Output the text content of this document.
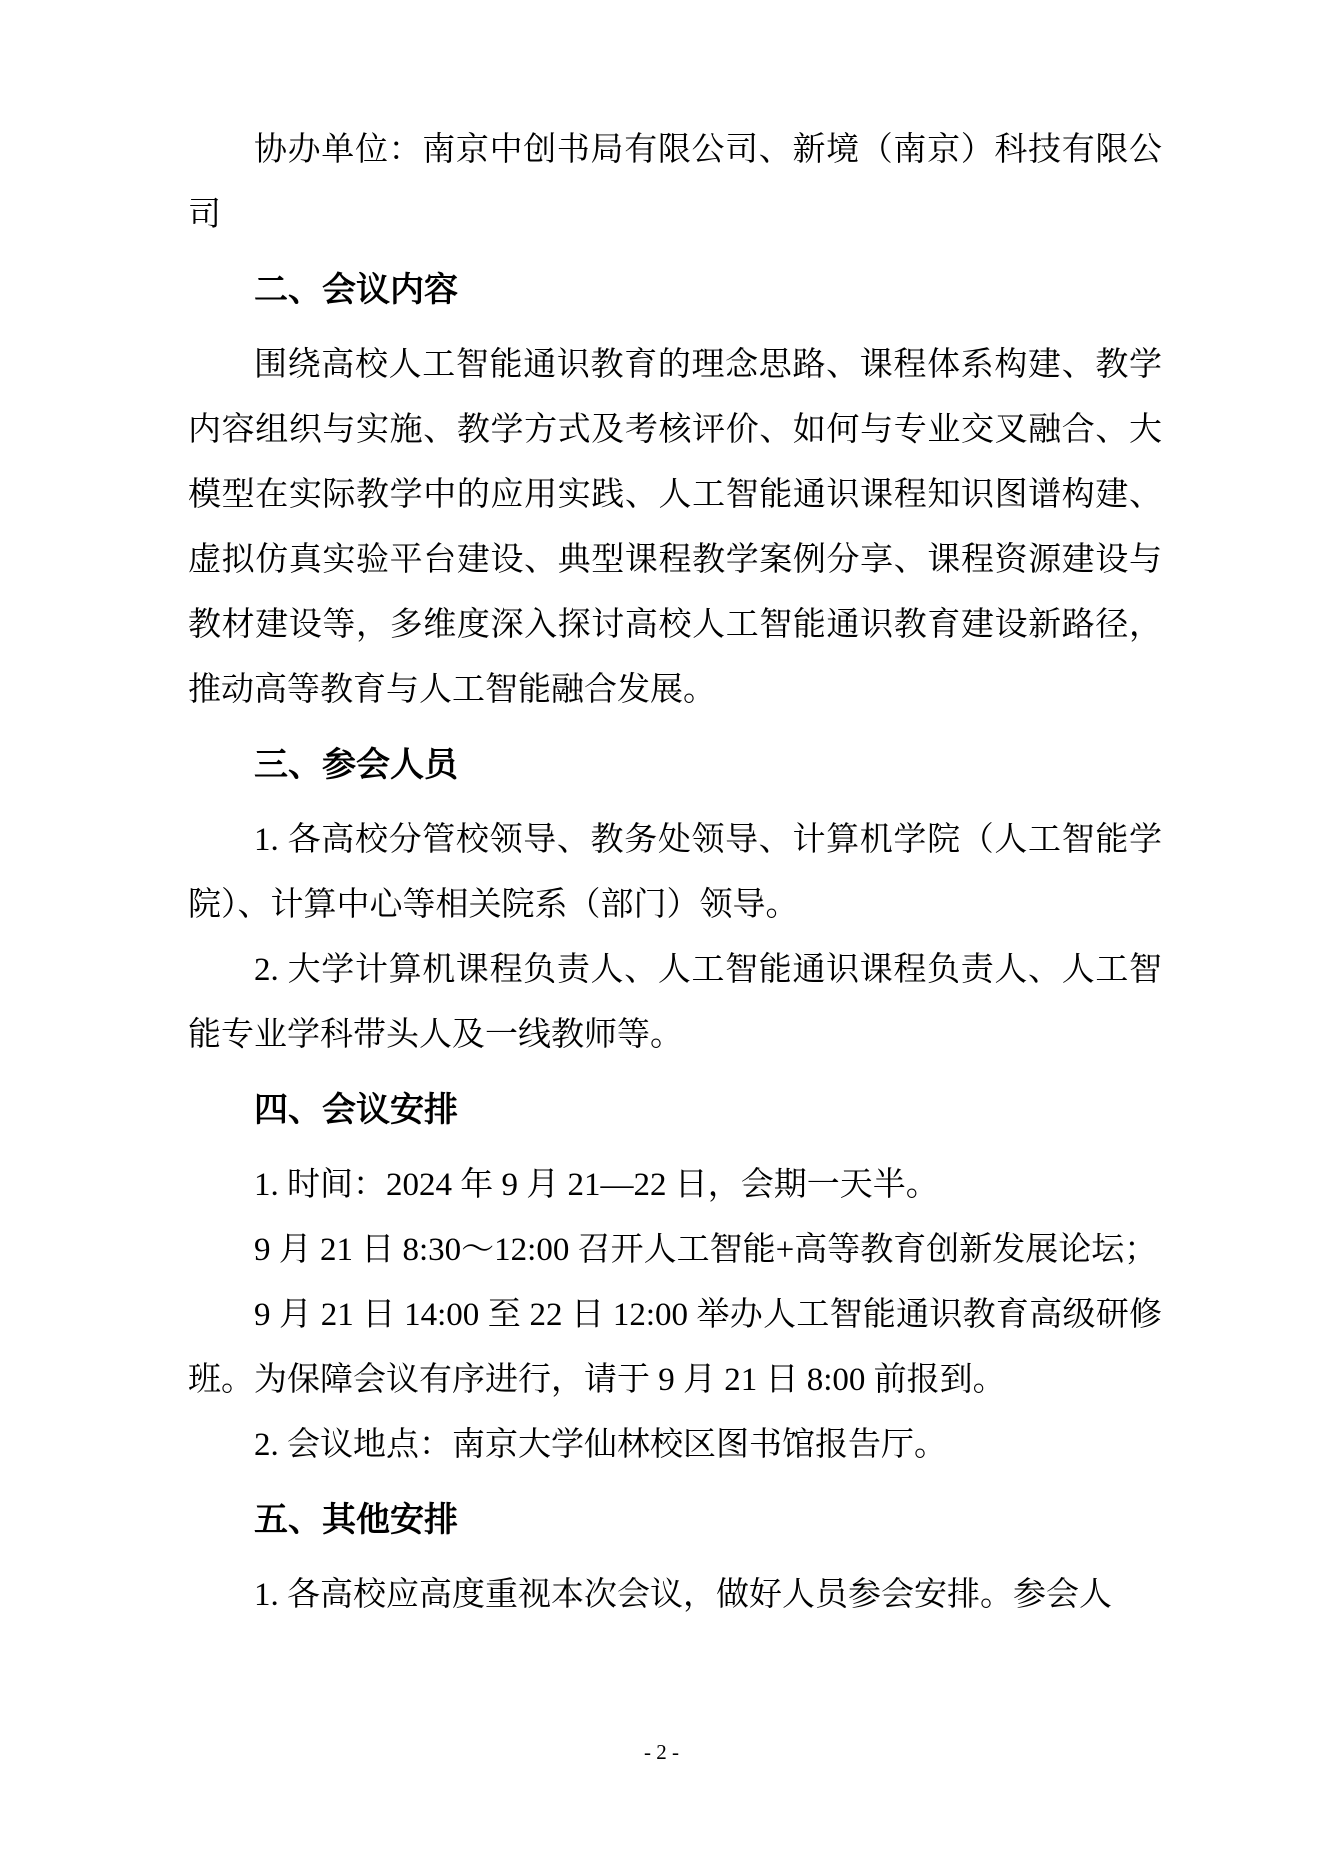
协办单位：南京中创书局有限公司、新境（南京）科技有限公司

二、会议内容

围绕高校人工智能通识教育的理念思路、课程体系构建、教学内容组织与实施、教学方式及考核评价、如何与专业交叉融合、大模型在实际教学中的应用实践、人工智能通识课程知识图谱构建、虚拟仿真实验平台建设、典型课程教学案例分享、课程资源建设与教材建设等，多维度深入探讨高校人工智能通识教育建设新路径，推动高等教育与人工智能融合发展。

三、参会人员

1. 各高校分管校领导、教务处领导、计算机学院（人工智能学院）、计算中心等相关院系（部门）领导。

2. 大学计算机课程负责人、人工智能通识课程负责人、人工智能专业学科带头人及一线教师等。

四、会议安排

1. 时间：2024 年 9 月 21—22 日，会期一天半。

9 月 21 日 8:30～12:00 召开人工智能+高等教育创新发展论坛；

9 月 21 日 14:00 至 22 日 12:00 举办人工智能通识教育高级研修班。为保障会议有序进行，请于 9 月 21 日 8:00 前报到。

2. 会议地点：南京大学仙林校区图书馆报告厅。

五、其他安排

1. 各高校应高度重视本次会议，做好人员参会安排。参会人

- 2 -
